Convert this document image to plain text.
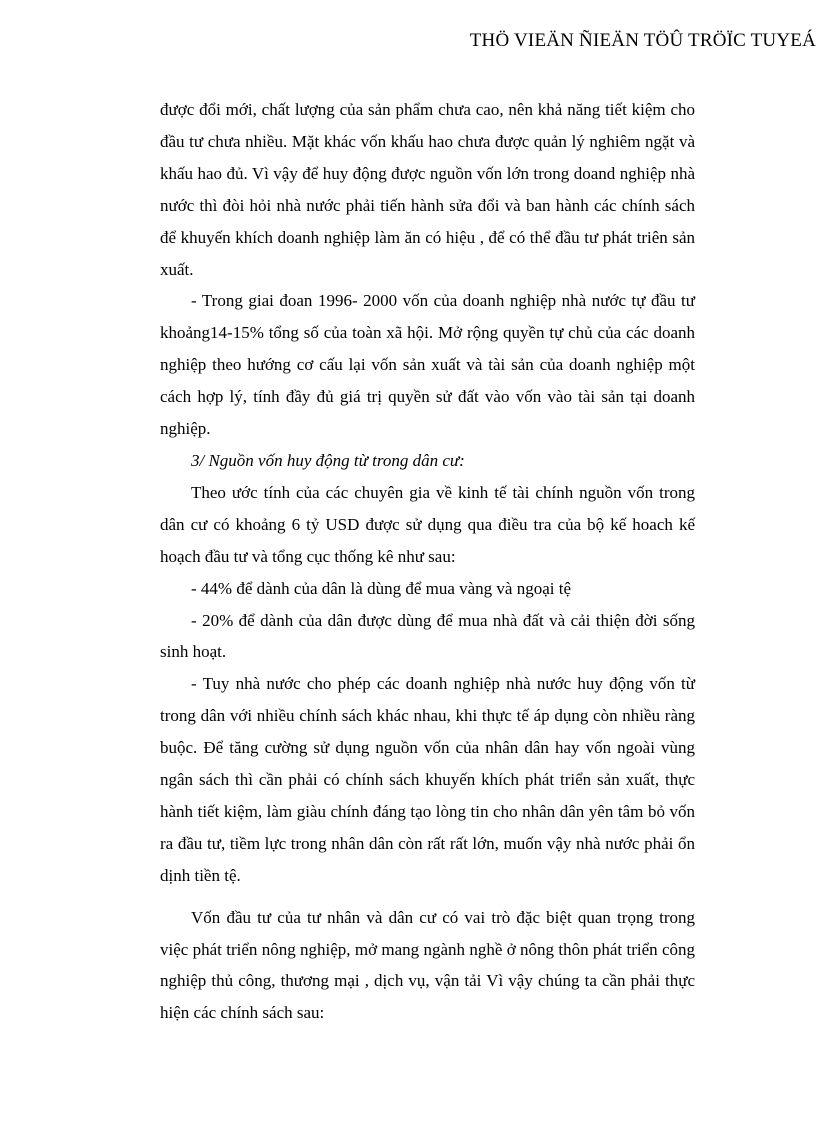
THÖ VIEÄN ÑIEÄN TÖÛ TRÖÏC TUYEÁ

được đổi mới, chất lượng của sản phẩm chưa cao, nên khả năng tiết kiệm cho đầu tư chưa nhiều. Mặt khác vốn khấu hao chưa được quản lý nghiêm ngặt và khấu hao đủ. Vì vậy để huy động được nguồn vốn lớn trong doand nghiệp nhà nước thì đòi hỏi nhà nước phải tiến hành sửa đổi và ban hành các chính sách để khuyến khích doanh nghiệp làm ăn có hiệu , để có thể đầu tư phát triên sản xuất.

- Trong giai đoan 1996- 2000 vốn của doanh nghiệp nhà nước tự đầu tư khoảng14-15% tổng số của toàn xã hội. Mở rộng quyền tự chủ của các doanh nghiệp theo hướng cơ cấu lại vốn sản xuất và tài sản của doanh nghiệp một cách hợp lý, tính đầy đủ giá trị quyền sử đất vào vốn vào tài sản tại doanh nghiệp.

3/ Nguồn vốn huy động từ trong dân cư:

Theo ước tính của các chuyên gia về kinh tế tài chính nguồn vốn trong dân cư có khoảng 6 tỷ USD được sử dụng qua điều tra của bộ kế hoach kế hoạch đầu tư và tổng cục thống kê như sau:

- 44% để dành của dân là dùng để mua vàng và ngoại tệ

- 20% để dành của dân được dùng để mua nhà đất và cải thiện đời sống sinh hoạt.

- Tuy nhà nước cho phép các doanh nghiệp nhà nước huy động vốn từ trong dân với nhiều chính sách khác nhau, khi thực tế áp dụng còn nhiều ràng buộc. Để tăng cường sử dụng nguồn vốn của nhân dân hay vốn ngoài vùng ngân sách thì cần phải có chính sách khuyến khích phát triển sản xuất, thực hành tiết kiệm, làm giàu chính đáng tạo lòng tin cho nhân dân yên tâm bỏ vốn ra đầu tư, tiềm lực trong nhân dân còn rất rất lớn, muốn vậy nhà nước phải ổn dịnh tiền tệ.

Vốn đầu tư của tư nhân và dân cư có vai trò đặc biệt quan trọng trong việc phát triển nông nghiệp, mở mang ngành nghề ở nông thôn phát triển công nghiệp thủ công, thương mại , dịch vụ, vận tải Vì vậy chúng ta cần phải thực hiện các chính sách sau:
